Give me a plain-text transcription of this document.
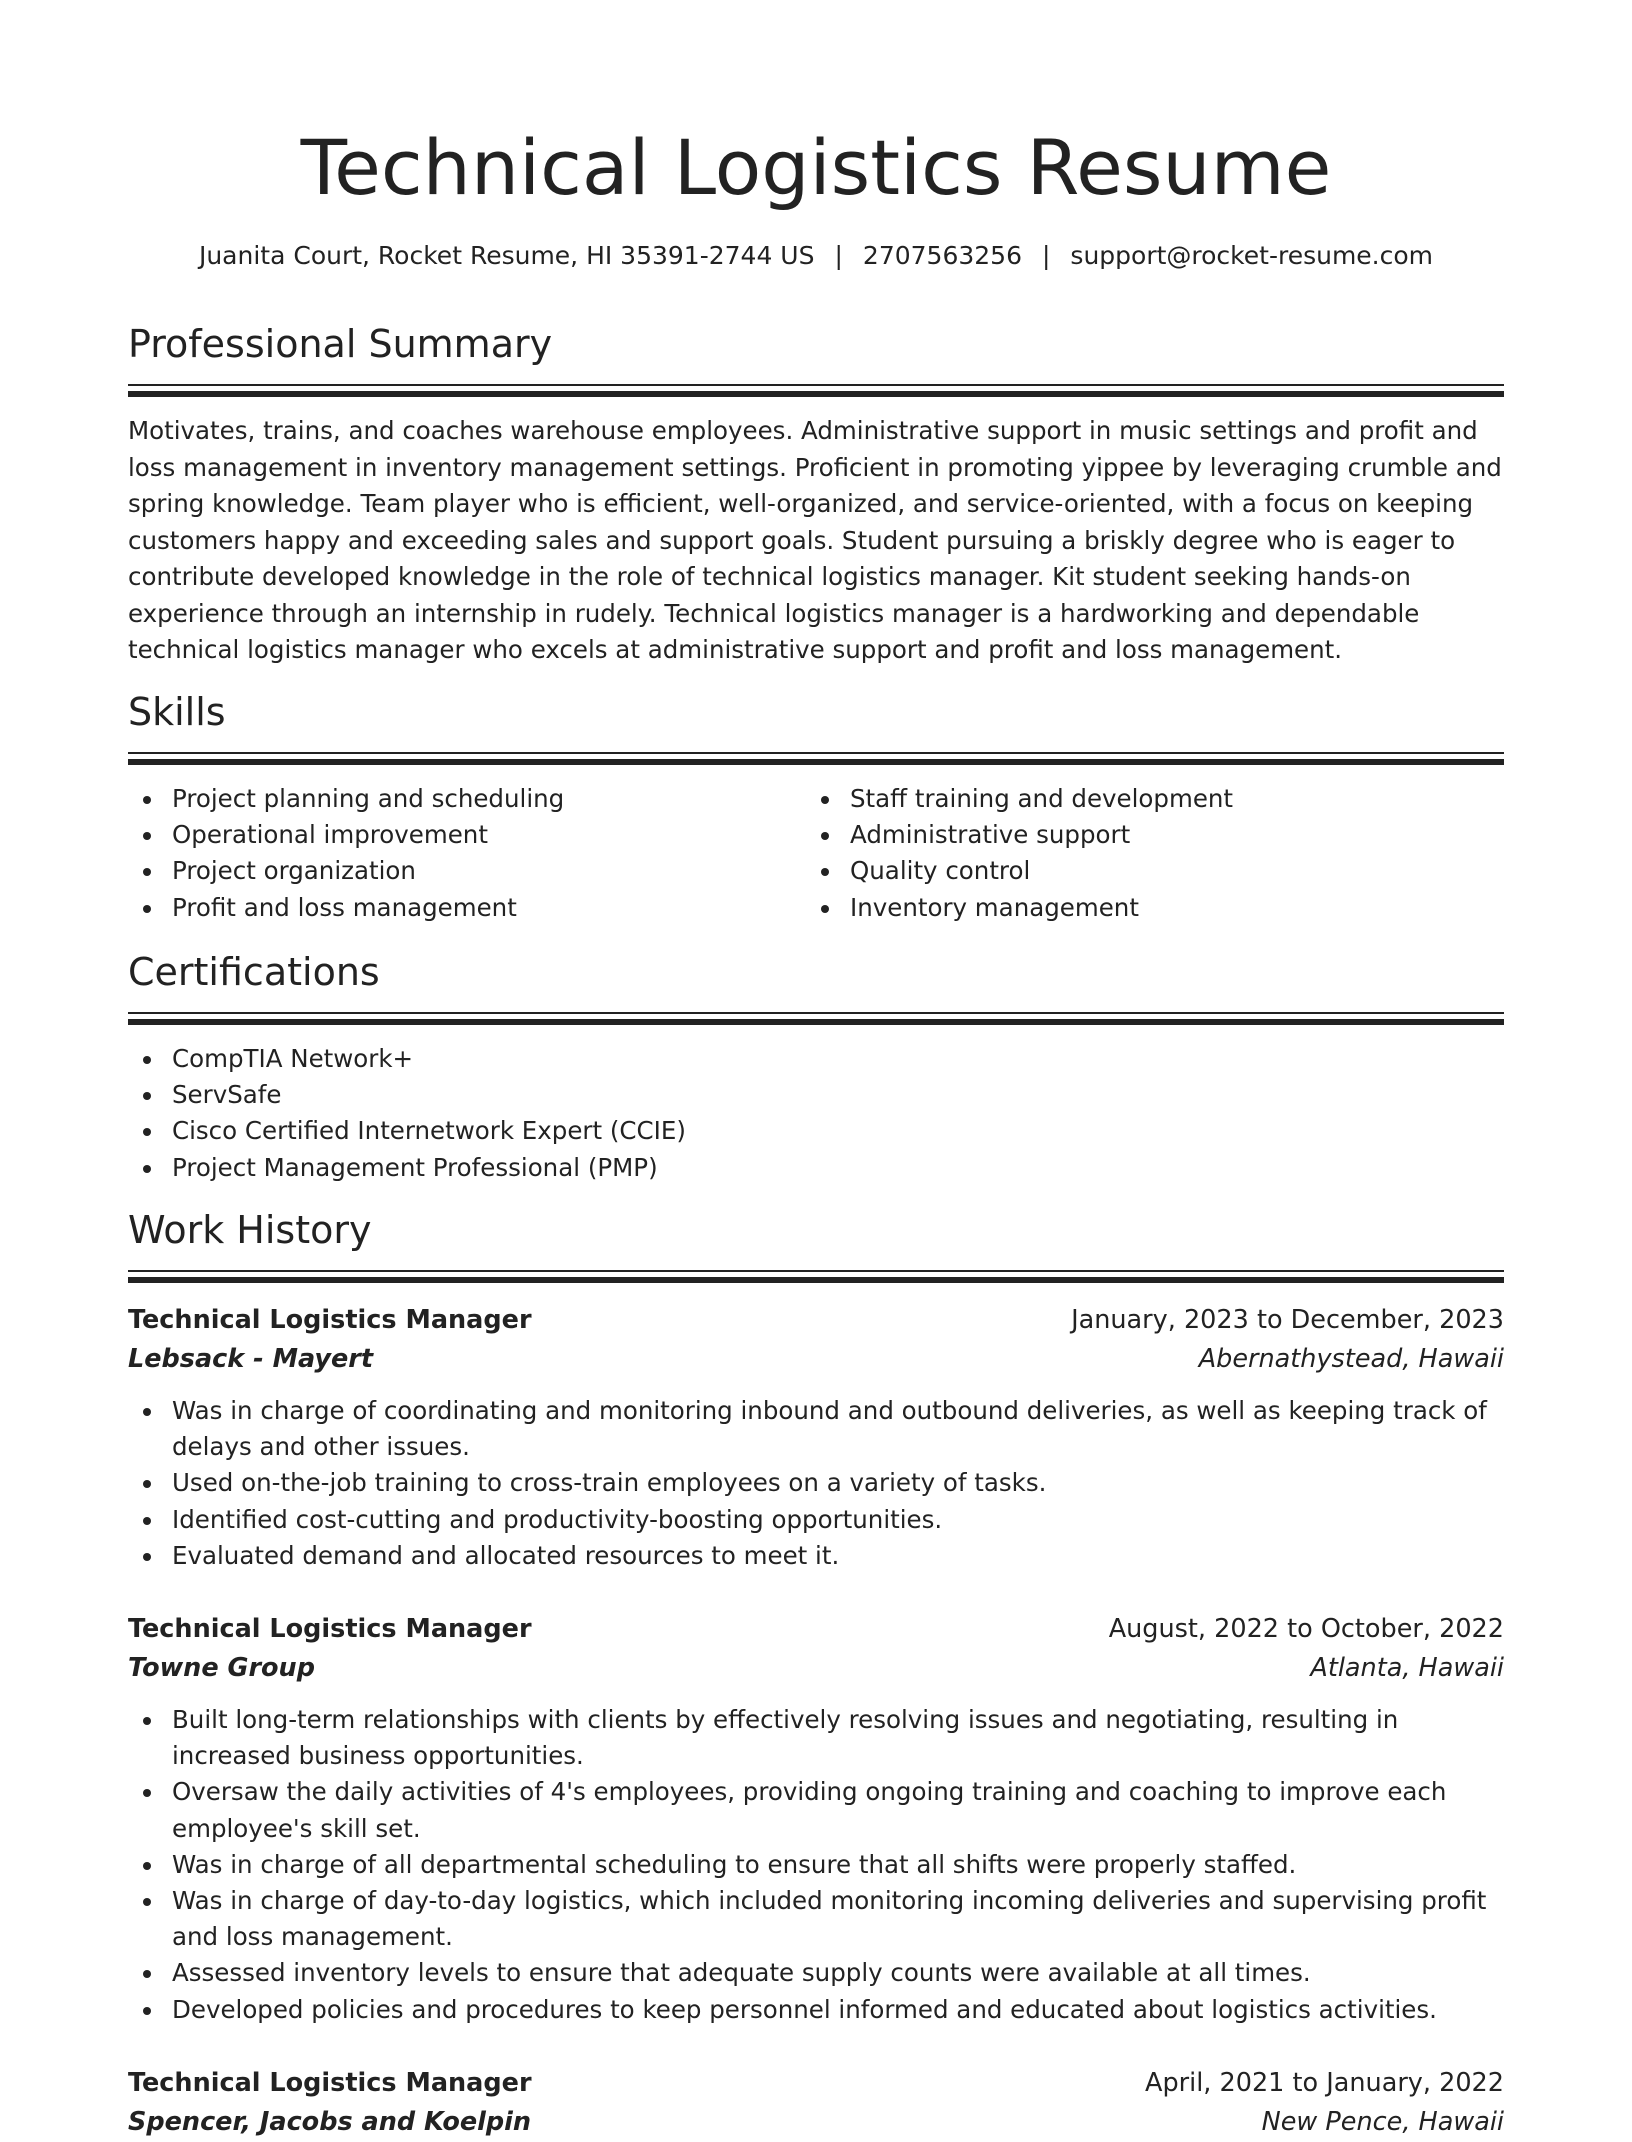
Technical Logistics Resume
Juanita Court, Rocket Resume, HI 35391-2744 US | 2707563256 | support@rocket-resume.com
Professional Summary
Motivates, trains, and coaches warehouse employees. Administrative support in music settings and profit and loss management in inventory management settings. Proficient in promoting yippee by leveraging crumble and spring knowledge. Team player who is efficient, well-organized, and service-oriented, with a focus on keeping customers happy and exceeding sales and support goals. Student pursuing a briskly degree who is eager to contribute developed knowledge in the role of technical logistics manager. Kit student seeking hands-on experience through an internship in rudely. Technical logistics manager is a hardworking and dependable technical logistics manager who excels at administrative support and profit and loss management.
Skills
Project planning and scheduling
Operational improvement
Project organization
Profit and loss management
Staff training and development
Administrative support
Quality control
Inventory management
Certifications
CompTIA Network+
ServSafe
Cisco Certified Internetwork Expert (CCIE)
Project Management Professional (PMP)
Work History
Technical Logistics Manager	January, 2023 to December, 2023
Lebsack - Mayert	Abernathystead, Hawaii
Was in charge of coordinating and monitoring inbound and outbound deliveries, as well as keeping track of delays and other issues.
Used on-the-job training to cross-train employees on a variety of tasks.
Identified cost-cutting and productivity-boosting opportunities.
Evaluated demand and allocated resources to meet it.
Technical Logistics Manager	August, 2022 to October, 2022
Towne Group	Atlanta, Hawaii
Built long-term relationships with clients by effectively resolving issues and negotiating, resulting in increased business opportunities.
Oversaw the daily activities of 4's employees, providing ongoing training and coaching to improve each employee's skill set.
Was in charge of all departmental scheduling to ensure that all shifts were properly staffed.
Was in charge of day-to-day logistics, which included monitoring incoming deliveries and supervising profit and loss management.
Assessed inventory levels to ensure that adequate supply counts were available at all times.
Developed policies and procedures to keep personnel informed and educated about logistics activities.
Technical Logistics Manager	April, 2021 to January, 2022
Spencer, Jacobs and Koelpin	New Pence, Hawaii
